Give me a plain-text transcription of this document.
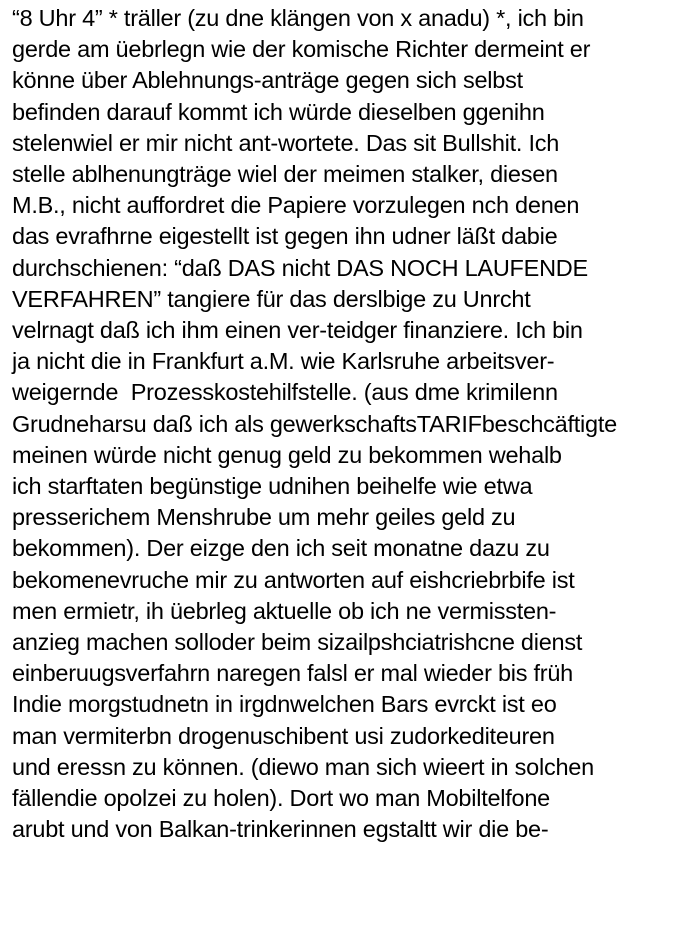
“8 Uhr 4” * träller (zu dne klängen von x anadu) *, ich bin
gerde am üebrlegn wie der komische Richter dermeint er
könne über Ablehnungs-anträge gegen sich selbst
befinden darauf kommt ich würde dieselben ggenihn
stelenwiel er mir nicht ant-wortete. Das sit Bullshit. Ich
stelle ablhenungträge wiel der meimen stalker, diesen
M.B., nicht auffordret die Papiere vorzulegen nch denen
das evrafhrne eigestellt ist gegen ihn udner läßt dabie
durchschienen: “daß DAS nicht DAS NOCH LAUFENDE
VERFAHREN” tangiere für das derslbige zu Unrcht
velrnagt daß ich ihm einen ver-teidger finanziere. Ich bin
ja nicht die in Frankfurt a.M. wie Karlsruhe arbeitsver-
weigernde  Prozesskostehilfstelle. (aus dme krimilenn
Grudneharsu daß ich als gewerkschaftsTARIFbeschcäftigte
meinen würde nicht genug geld zu bekommen wehalb
ich starftaten begünstige udnihen beihelfe wie etwa
presserichem Menshrube um mehr geiles geld zu
bekommen). Der eizge den ich seit monatne dazu zu
bekomenevruche mir zu antworten auf eishcriebrbife ist
men ermietr, ih üebrleg aktuelle ob ich ne vermissten-
anzieg machen solloder beim sizailpshciatrishcne dienst
einberuugsverfahrn naregen falsl er mal wieder bis früh
Indie morgstudnetn in irgdnwelchen Bars evrckt ist eo
man vermiterbn drogenuschibent usi zudorkediteuren
und eressn zu können. (diewo man sich wieert in solchen
fällendie opolzei zu holen). Dort wo man Mobiltelfone
arubt und von Balkan-trinkerinnen egstaltt wir die be-
